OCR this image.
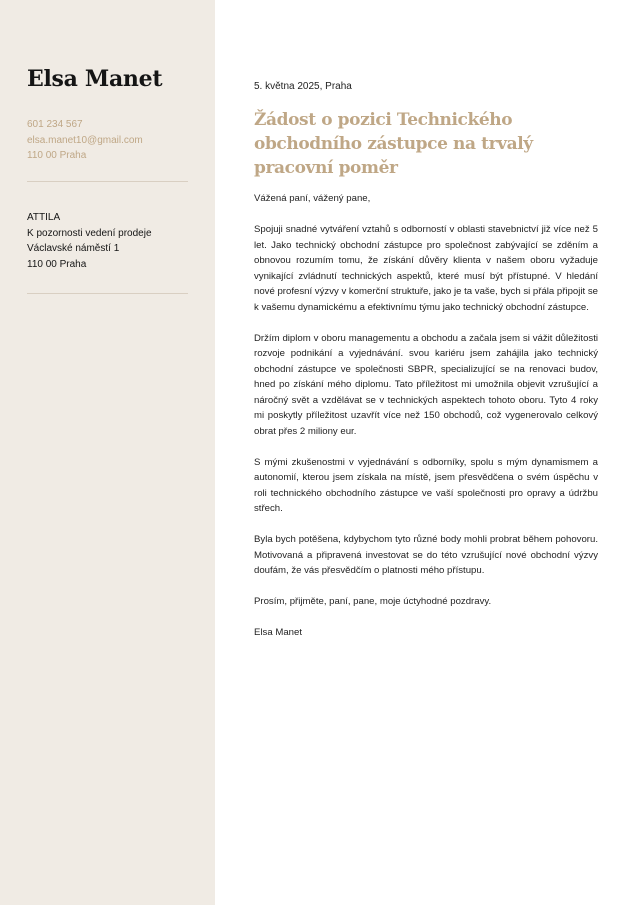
Elsa Manet
601 234 567
elsa.manet10@gmail.com
110 00 Praha
ATTILA
K pozornosti vedení prodeje
Václavské náměstí 1
110 00 Praha
5. května 2025, Praha
Žádost o pozici Technického obchodního zástupce na trvalý pracovní poměr

Vážená paní, vážený pane,

Spojuji snadné vytváření vztahů s odborností v oblasti stavebnictví již více než 5 let. Jako technický obchodní zástupce pro společnost zabývající se zděním a obnovou rozumím tomu, že získání důvěry klienta v našem oboru vyžaduje vynikající zvládnutí technických aspektů, které musí být přístupné. V hledání nové profesní výzvy v komerční struktuře, jako je ta vaše, bych si přála připojit se k vašemu dynamickému a efektivnímu týmu jako technický obchodní zástupce.

Držím diplom v oboru managementu a obchodu a začala jsem si vážit důležitosti rozvoje podnikání a vyjednávání. svou kariéru jsem zahájila jako technický obchodní zástupce ve společnosti SBPR, specializující se na renovaci budov, hned po získání mého diplomu. Tato příležitost mi umožnila objevit vzrušující a náročný svět a vzdělávat se v technických aspektech tohoto oboru. Tyto 4 roky mi poskytly příležitost uzavřít více než 150 obchodů, což vygenerovalo celkový obrat přes 2 miliony eur.

S mými zkušenostmi v vyjednávání s odborníky, spolu s mým dynamismem a autonomií, kterou jsem získala na místě, jsem přesvědčena o svém úspěchu v roli technického obchodního zástupce ve vaší společnosti pro opravy a údržbu střech.

Byla bych potěšena, kdybychom tyto různé body mohli probrat během pohovoru. Motivovaná a připravená investovat se do této vzrušující nové obchodní výzvy doufám, že vás přesvědčím o platnosti mého přístupu.

Prosím, přijměte, paní, pane, moje úctyhodné pozdravy.

Elsa Manet
